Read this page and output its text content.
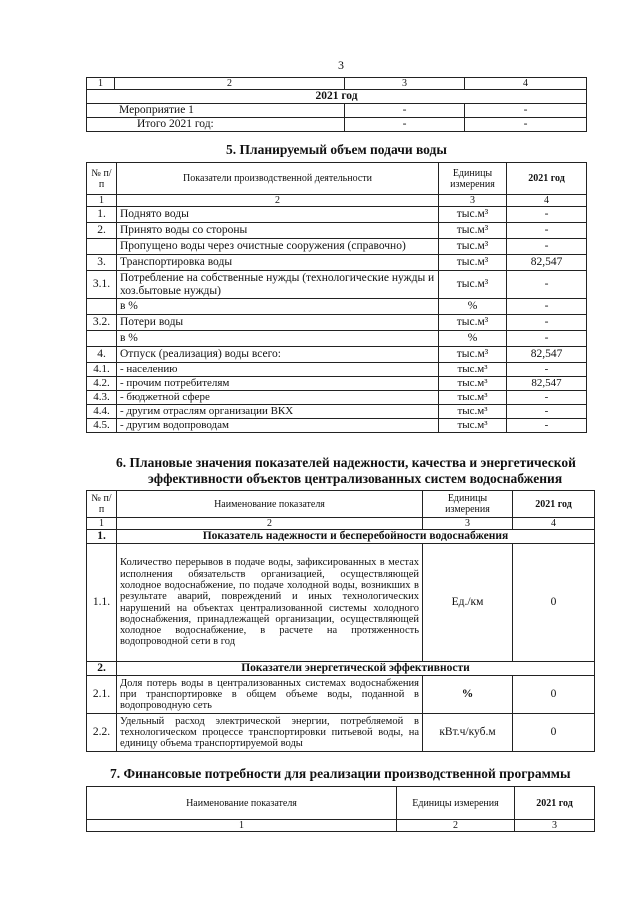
3
1	2	3	4
2021 год			
Мероприятие 1		-	-
Итого 2021 год:		-	-
5. Планируемый объем подачи воды
№ п/п	Показатели производственной деятельности	Единицы измерения	2021 год
1	2	3	4
1.	Поднято воды	тыс.м³	-
2.	Принято воды со стороны	тыс.м³	-
	Пропущено воды через очистные сооружения (справочно)	тыс.м³	-
3.	Транспортировка воды	тыс.м³	82,547
3.1.	Потребление на собственные нужды (технологические нужды и хоз.бытовые нужды)	тыс.м³	-
	в %	%	-
3.2.	Потери воды	тыс.м³	-
	в %	%	-
4.	Отпуск (реализация) воды всего:	тыс.м³	82,547
4.1.	- населению	тыс.м³	-
4.2.	- прочим потребителям	тыс.м³	82,547
4.3.	- бюджетной сфере	тыс.м³	-
4.4.	- другим отраслям организации ВКХ	тыс.м³	-
4.5.	- другим водопроводам	тыс.м³	-
6. Плановые значения показателей надежности, качества и энергетической
эффективности объектов централизованных систем водоснабжения
№ п/п	Наименование показателя	Единицы измерения	2021 год
1	2	3	4
1.	Показатель надежности и бесперебойности водоснабжения		
1.1.	Количество перерывов в подаче воды, зафиксированных в местах исполнения обязательств организацией, осуществляющей холодное водоснабжение, по подаче холодной воды, возникших в результате аварий, повреждений и иных технологических нарушений на объектах централизованной системы холодного водоснабжения, принадлежащей организации, осуществляющей холодное водоснабжение, в расчете на протяженность водопроводной сети в год	Ед./км	0
2.	Показатели энергетической эффективности		
2.1.	Доля потерь воды в централизованных системах водоснабжения при транспортировке в общем объеме воды, поданной в водопроводную сеть	%	0
2.2.	Удельный расход электрической энергии, потребляемой в технологическом процессе транспортировки питьевой воды, на единицу объема транспортируемой воды	кВт.ч/куб.м	0
7. Финансовые потребности для реализации производственной программы
Наименование показателя	Единицы измерения	2021 год
1	2	3
